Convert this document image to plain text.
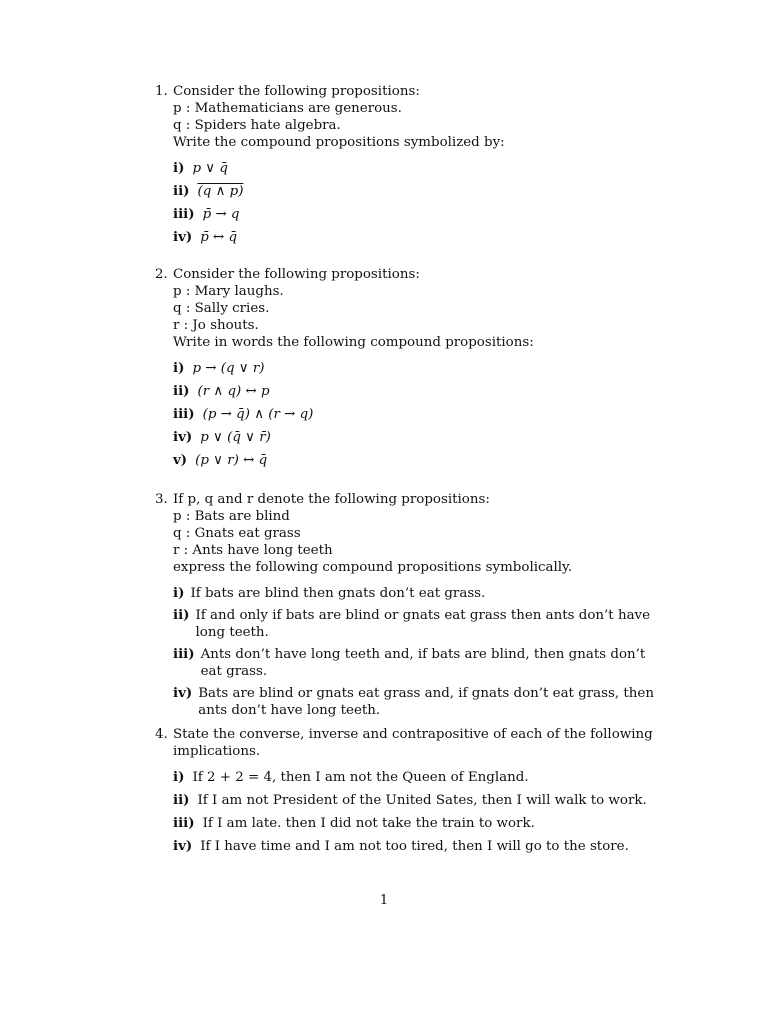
1. Consider the following propositions:
p : Mathematicians are generous.
q : Spiders hate algebra.
Write the compound propositions symbolized by:
i) p ∨ q̄
ii) (q ∧ p)
iii) p̄ → q
iv) p̄ ↔ q̄
2. Consider the following propositions:
p : Mary laughs.
q : Sally cries.
r : Jo shouts.
Write in words the following compound propositions:
i) p → (q ∨ r)
ii) (r ∧ q) ↔ p
iii) (p → q̄) ∧ (r → q)
iv) p ∨ (q̄ ∨ r̄)
v) (p ∨ r) ↔ q̄
3. If p, q and r denote the following propositions:
p : Bats are blind
q : Gnats eat grass
r : Ants have long teeth
express the following compound propositions symbolically.
i) If bats are blind then gnats don’t eat grass.
ii) If and only if bats are blind or gnats eat grass then ants don’t have long teeth.
iii) Ants don’t have long teeth and, if bats are blind, then gnats don’t eat grass.
iv) Bats are blind or gnats eat grass and, if gnats don’t eat grass, then ants don’t have long teeth.
4. State the converse, inverse and contrapositive of each of the following implications.
i) If 2 + 2 = 4, then I am not the Queen of England.
ii) If I am not President of the United Sates, then I will walk to work.
iii) If I am late. then I did not take the train to work.
iv) If I have time and I am not too tired, then I will go to the store.
1
